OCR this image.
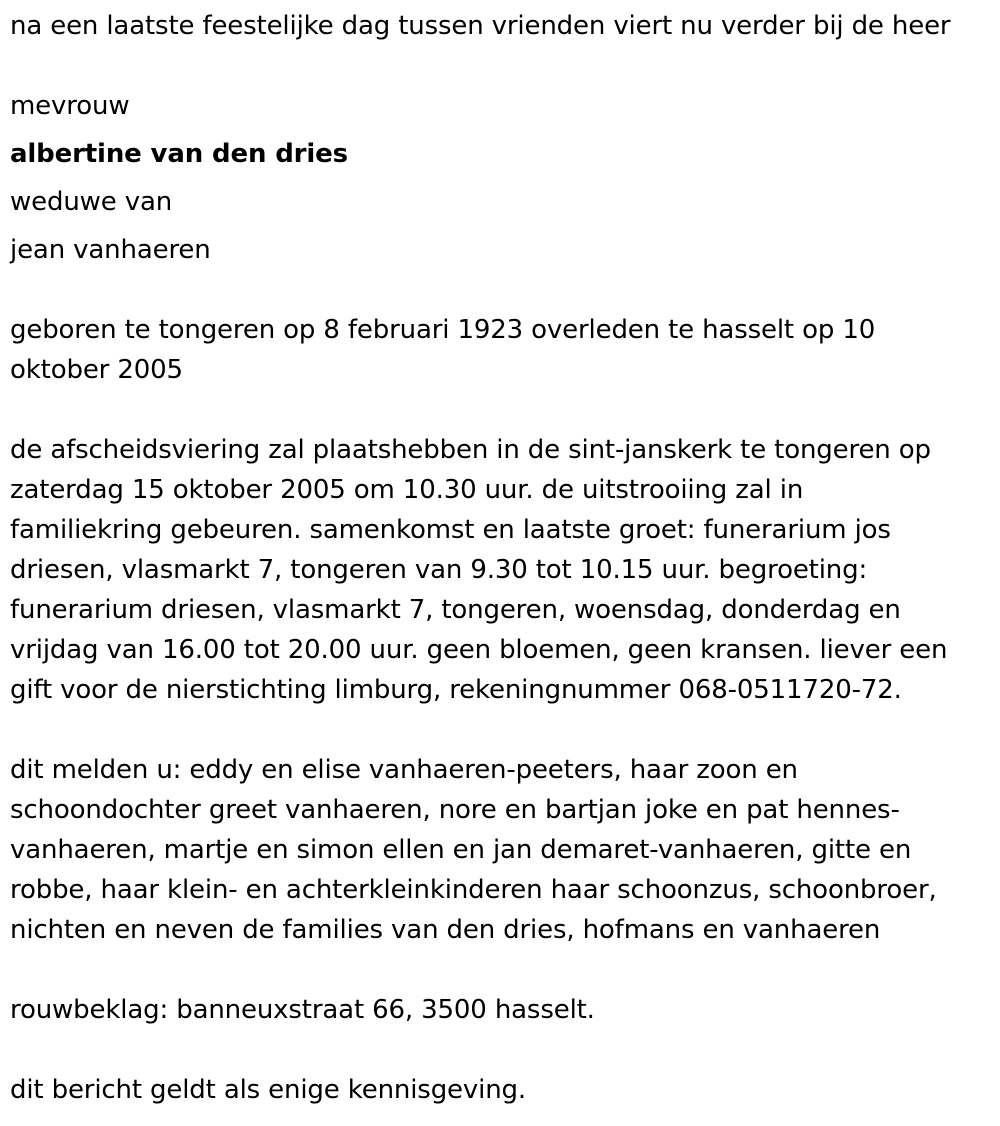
na een laatste feestelijke dag tussen vrienden viert nu verder bij de heer
mevrouw
albertine van den dries
weduwe van
jean vanhaeren
geboren te tongeren op 8 februari 1923 overleden te hasselt op 10
oktober 2005
de afscheidsviering zal plaatshebben in de sint-janskerk te tongeren op
zaterdag 15 oktober 2005 om 10.30 uur. de uitstrooiing zal in
familiekring gebeuren. samenkomst en laatste groet: funerarium jos
driesen, vlasmarkt 7, tongeren van 9.30 tot 10.15 uur. begroeting:
funerarium driesen, vlasmarkt 7, tongeren, woensdag, donderdag en
vrijdag van 16.00 tot 20.00 uur. geen bloemen, geen kransen. liever een
gift voor de nierstichting limburg, rekeningnummer 068-0511720-72.
dit melden u: eddy en elise vanhaeren-peeters, haar zoon en
schoondochter greet vanhaeren, nore en bartjan joke en pat hennes-
vanhaeren, martje en simon ellen en jan demaret-vanhaeren, gitte en
robbe, haar klein- en achterkleinkinderen haar schoonzus, schoonbroer,
nichten en neven de families van den dries, hofmans en vanhaeren
rouwbeklag: banneuxstraat 66, 3500 hasselt.
dit bericht geldt als enige kennisgeving.
